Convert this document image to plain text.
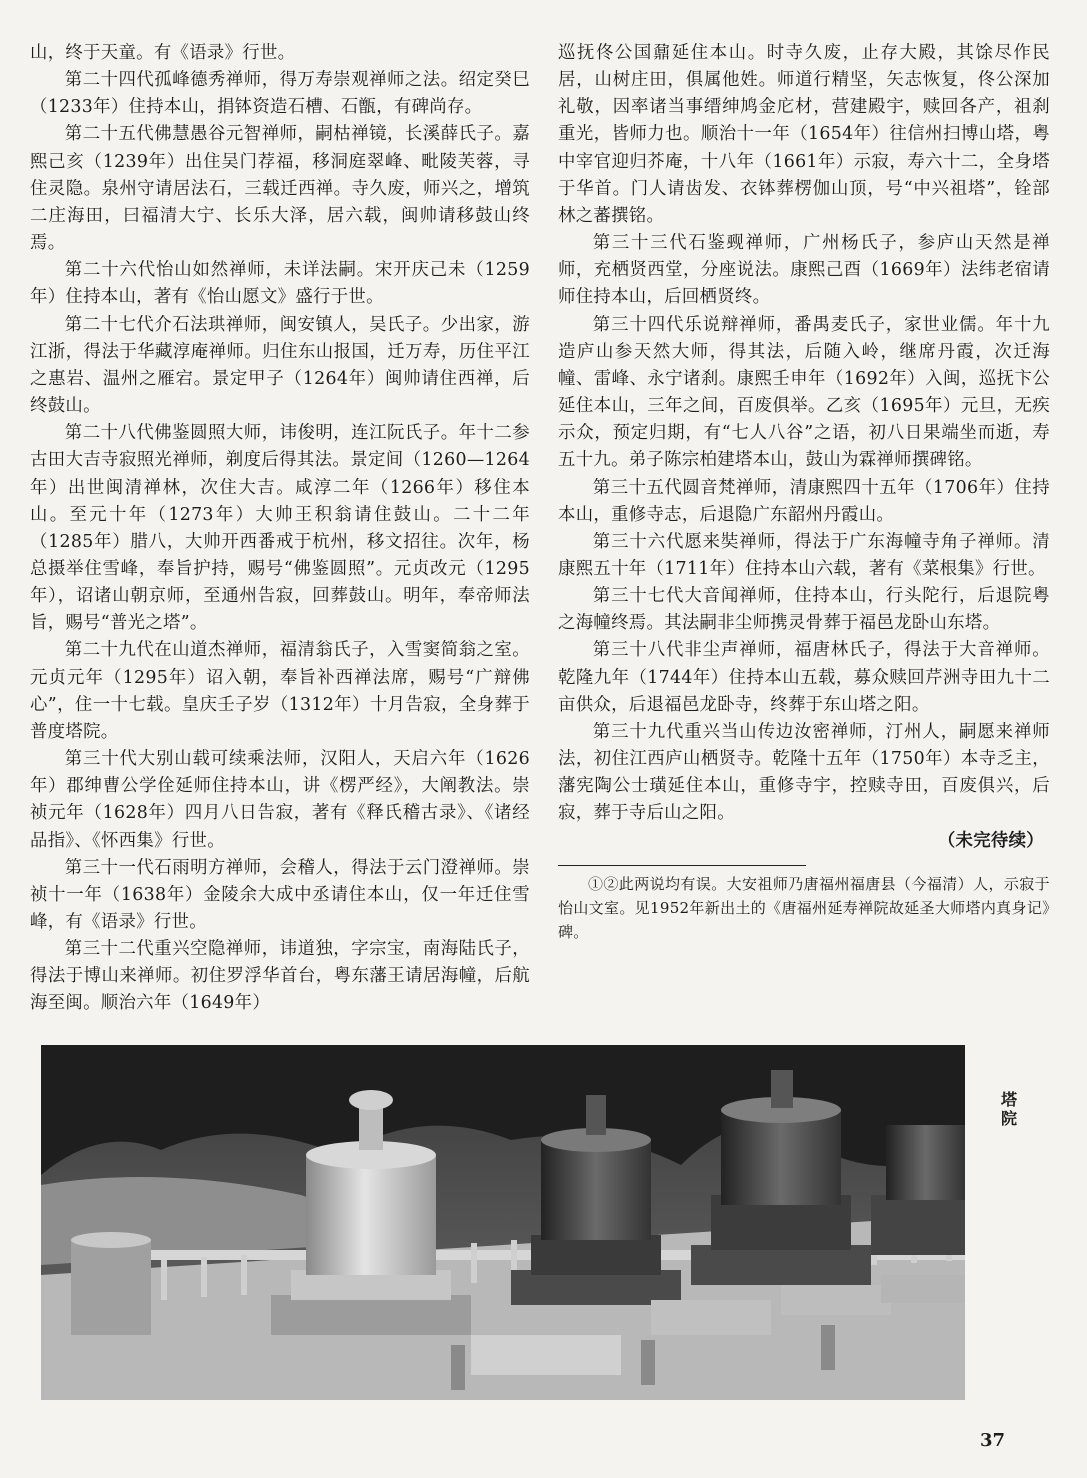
山，终于天童。有《语录》行世。

第二十四代孤峰德秀禅师，得万寿崇观禅师之法。绍定癸巳（1233年）住持本山，捐钵资造石槽、石甑，有碑尚存。

第二十五代佛慧愚谷元智禅师，嗣枯禅镜，长溪薛氏子。嘉熙己亥（1239年）出住吴门荐福，移洞庭翠峰、毗陵芙蓉，寻住灵隐。泉州守请居法石，三载迁西禅。寺久废，师兴之，增筑二庄海田，曰福清大宁、长乐大泽，居六载，闽帅请移鼓山终焉。

第二十六代怡山如然禅师，未详法嗣。宋开庆己未（1259年）住持本山，著有《怡山愿文》盛行于世。

第二十七代介石法珙禅师，闽安镇人，吴氏子。少出家，游江浙，得法于华藏淳庵禅师。归住东山报国，迁万寿，历住平江之惠岩、温州之雁宕。景定甲子（1264年）闽帅请住西禅，后终鼓山。

第二十八代佛鉴圆照大师，讳俊明，连江阮氏子。年十二参古田大吉寺寂照光禅师，剃度后得其法。景定间（1260—1264年）出世闽清禅林，次住大吉。咸淳二年（1266年）移住本山。至元十年（1273年）大帅王积翁请住鼓山。二十二年（1285年）腊八，大帅开西番戒于杭州，移文招往。次年，杨总摄举住雪峰，奉旨护持，赐号“佛鉴圆照”。元贞改元（1295年），诏诸山朝京师，至通州告寂，回葬鼓山。明年，奉帝师法旨，赐号“普光之塔”。

第二十九代在山道杰禅师，福清翁氏子，入雪窦简翁之室。元贞元年（1295年）诏入朝，奉旨补西禅法席，赐号“广辩佛心”，住一十七载。皇庆壬子岁（1312年）十月告寂，全身葬于普度塔院。

第三十代大别山载可续乘法师，汉阳人，天启六年（1626年）郡绅曹公学佺延师住持本山，讲《楞严经》，大阐教法。崇祯元年（1628年）四月八日告寂，著有《释氏稽古录》、《诸经品指》、《怀西集》行世。

第三十一代石雨明方禅师，会稽人，得法于云门澄禅师。崇祯十一年（1638年）金陵余大成中丞请住本山，仅一年迁住雪峰，有《语录》行世。

第三十二代重兴空隐禅师，讳道独，字宗宝，南海陆氏子，得法于博山来禅师。初住罗浮华首台，粤东藩王请居海幢，后航海至闽。顺治六年（1649年）

巡抚佟公国鼐延住本山。时寺久废，止存大殿，其馀尽作民居，山树庄田，俱属他姓。师道行精坚，矢志恢复，佟公深加礼敬，因率诸当事缙绅鸠金庀材，营建殿宇，赎回各产，祖刹重光，皆师力也。顺治十一年（1654年）往信州扫博山塔，粤中宰官迎归芥庵，十八年（1661年）示寂，寿六十二，全身塔于华首。门人请齿发、衣钵葬楞伽山顶，号“中兴祖塔”，铨部林之蕃撰铭。

第三十三代石鉴觋禅师，广州杨氏子，参庐山天然是禅师，充栖贤西堂，分座说法。康熙己酉（1669年）法纬老宿请师住持本山，后回栖贤终。

第三十四代乐说辩禅师，番禺麦氏子，家世业儒。年十九造庐山参天然大师，得其法，后随入岭，继席丹霞，次迁海幢、雷峰、永宁诸刹。康熙壬申年（1692年）入闽，巡抚卞公延住本山，三年之间，百废俱举。乙亥（1695年）元旦，无疾示众，预定归期，有“七人八谷”之语，初八日果端坐而逝，寿五十九。弟子陈宗柏建塔本山，鼓山为霖禅师撰碑铭。

第三十五代圆音梵禅师，清康熙四十五年（1706年）住持本山，重修寺志，后退隐广东韶州丹霞山。

第三十六代愿来奘禅师，得法于广东海幢寺角子禅师。清康熙五十年（1711年）住持本山六载，著有《菜根集》行世。

第三十七代大音闻禅师，住持本山，行头陀行，后退院粤之海幢终焉。其法嗣非尘师携灵骨葬于福邑龙卧山东塔。

第三十八代非尘声禅师，福唐林氏子，得法于大音禅师。乾隆九年（1744年）住持本山五载，募众赎回芹洲寺田九十二亩供众，后退福邑龙卧寺，终葬于东山塔之阳。

第三十九代重兴当山传边汝密禅师，汀州人，嗣愿来禅师法，初住江西庐山栖贤寺。乾隆十五年（1750年）本寺乏主，藩宪陶公士璜延住本山，重修寺宇，控赎寺田，百废俱兴，后寂，葬于寺后山之阳。

（未完待续）

①②此两说均有误。大安祖师乃唐福州福唐县（今福清）人，示寂于怡山文室。见1952年新出土的《唐福州延寿禅院故延圣大师塔内真身记》碑。

塔院
37
